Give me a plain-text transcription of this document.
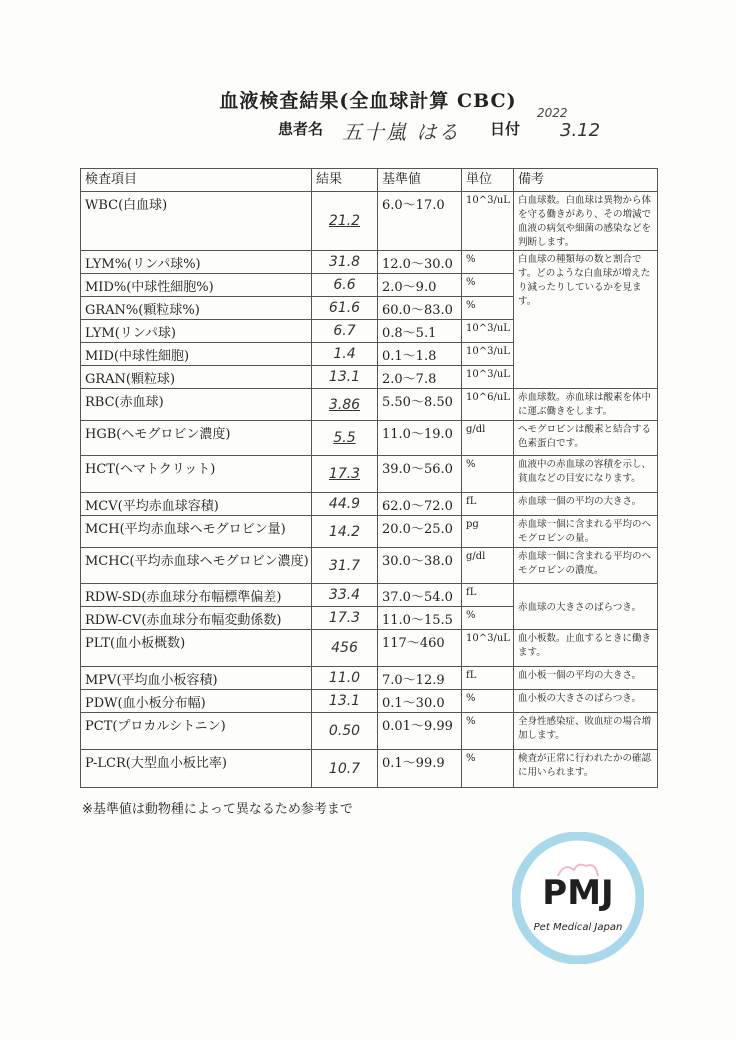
血液検査結果(全血球計算 CBC)
患者名 五十嵐 はる 日付
2022
3.12
検査項目	結果	基準値	単位	備考
WBC(白血球)	21.2	6.0～17.0	10^3/uL	白血球数。白血球は異物から体を守る働きがあり、その増減で血液の病気や細菌の感染などを判断します。
LYM%(リンパ球%)	31.8	12.0～30.0	%	白血球の種類毎の数と割合です。どのような白血球が増えたり減ったりしているかを見ます。
MID%(中球性細胞%)	6.6	2.0～9.0	%	
GRAN%(顆粒球%)	61.6	60.0～83.0	%	
LYM(リンパ球)	6.7	0.8～5.1	10^3/uL	
MID(中球性細胞)	1.4	0.1～1.8	10^3/uL	
GRAN(顆粒球)	13.1	2.0～7.8	10^3/uL	
RBC(赤血球)	3.86	5.50～8.50	10^6/uL	赤血球数。赤血球は酸素を体中に運ぶ働きをします。
HGB(ヘモグロビン濃度)	5.5	11.0～19.0	g/dl	ヘモグロビンは酸素と結合する色素蛋白です。
HCT(ヘマトクリット)	17.3	39.0～56.0	%	血液中の赤血球の容積を示し、貧血などの目安になります。
MCV(平均赤血球容積)	44.9	62.0～72.0	fL	赤血球一個の平均の大きさ。
MCH(平均赤血球ヘモグロビン量)	14.2	20.0～25.0	pg	赤血球一個に含まれる平均のヘモグロビンの量。
MCHC(平均赤血球ヘモグロビン濃度)	31.7	30.0～38.0	g/dl	赤血球一個に含まれる平均のヘモグロビンの濃度。
RDW-SD(赤血球分布幅標準偏差)	33.4	37.0～54.0	fL	赤血球の大きさのばらつき。
RDW-CV(赤血球分布幅変動係数)	17.3	11.0～15.5	%	
PLT(血小板概数)	456	117～460	10^3/uL	血小板数。止血するときに働きます。
MPV(平均血小板容積)	11.0	7.0～12.9	fL	血小板一個の平均の大きさ。
PDW(血小板分布幅)	13.1	0.1～30.0	%	血小板の大きさのばらつき。
PCT(プロカルシトニン)	0.50	0.01～9.99	%	全身性感染症、敗血症の場合増加します。
P-LCR(大型血小板比率)	10.7	0.1～99.9	%	検査が正常に行われたかの確認に用いられます。
※基準値は動物種によって異なるため参考まで
PMJ
Pet Medical Japan
